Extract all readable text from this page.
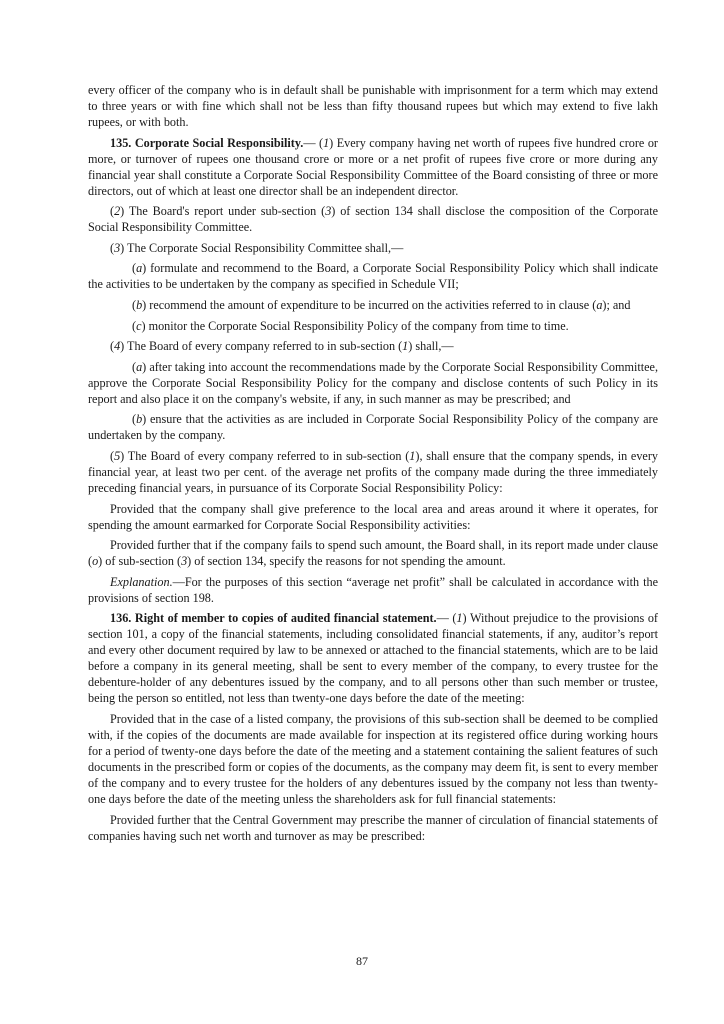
every officer of the company who is in default shall be punishable with imprisonment for a term which may extend to three years or with fine which shall not be less than fifty thousand rupees but which may extend to five lakh rupees, or with both.

135. Corporate Social Responsibility.— (1) Every company having net worth of rupees five hundred crore or more, or turnover of rupees one thousand crore or more or a net profit of rupees five crore or more during any financial year shall constitute a Corporate Social Responsibility Committee of the Board consisting of three or more directors, out of which at least one director shall be an independent director.

(2) The Board's report under sub-section (3) of section 134 shall disclose the composition of the Corporate Social Responsibility Committee.

(3) The Corporate Social Responsibility Committee shall,—

(a) formulate and recommend to the Board, a Corporate Social Responsibility Policy which shall indicate the activities to be undertaken by the company as specified in Schedule VII;

(b) recommend the amount of expenditure to be incurred on the activities referred to in clause (a); and

(c) monitor the Corporate Social Responsibility Policy of the company from time to time.

(4) The Board of every company referred to in sub-section (1) shall,—

(a) after taking into account the recommendations made by the Corporate Social Responsibility Committee, approve the Corporate Social Responsibility Policy for the company and disclose contents of such Policy in its report and also place it on the company's website, if any, in such manner as may be prescribed; and

(b) ensure that the activities as are included in Corporate Social Responsibility Policy of the company are undertaken by the company.

(5) The Board of every company referred to in sub-section (1), shall ensure that the company spends, in every financial year, at least two per cent. of the average net profits of the company made during the three immediately preceding financial years, in pursuance of its Corporate Social Responsibility Policy:

Provided that the company shall give preference to the local area and areas around it where it operates, for spending the amount earmarked for Corporate Social Responsibility activities:

Provided further that if the company fails to spend such amount, the Board shall, in its report made under clause (o) of sub-section (3) of section 134, specify the reasons for not spending the amount.

Explanation.—For the purposes of this section “average net profit” shall be calculated in accordance with the provisions of section 198.

136. Right of member to copies of audited financial statement.— (1) Without prejudice to the provisions of section 101, a copy of the financial statements, including consolidated financial statements, if any, auditor’s report and every other document required by law to be annexed or attached to the financial statements, which are to be laid before a company in its general meeting, shall be sent to every member of the company, to every trustee for the debenture-holder of any debentures issued by the company, and to all persons other than such member or trustee, being the person so entitled, not less than twenty-one days before the date of the meeting:

Provided that in the case of a listed company, the provisions of this sub-section shall be deemed to be complied with, if the copies of the documents are made available for inspection at its registered office during working hours for a period of twenty-one days before the date of the meeting and a statement containing the salient features of such documents in the prescribed form or copies of the documents, as the company may deem fit, is sent to every member of the company and to every trustee for the holders of any debentures issued by the company not less than twenty-one days before the date of the meeting unless the shareholders ask for full financial statements:

Provided further that the Central Government may prescribe the manner of circulation of financial statements of companies having such net worth and turnover as may be prescribed:

87
